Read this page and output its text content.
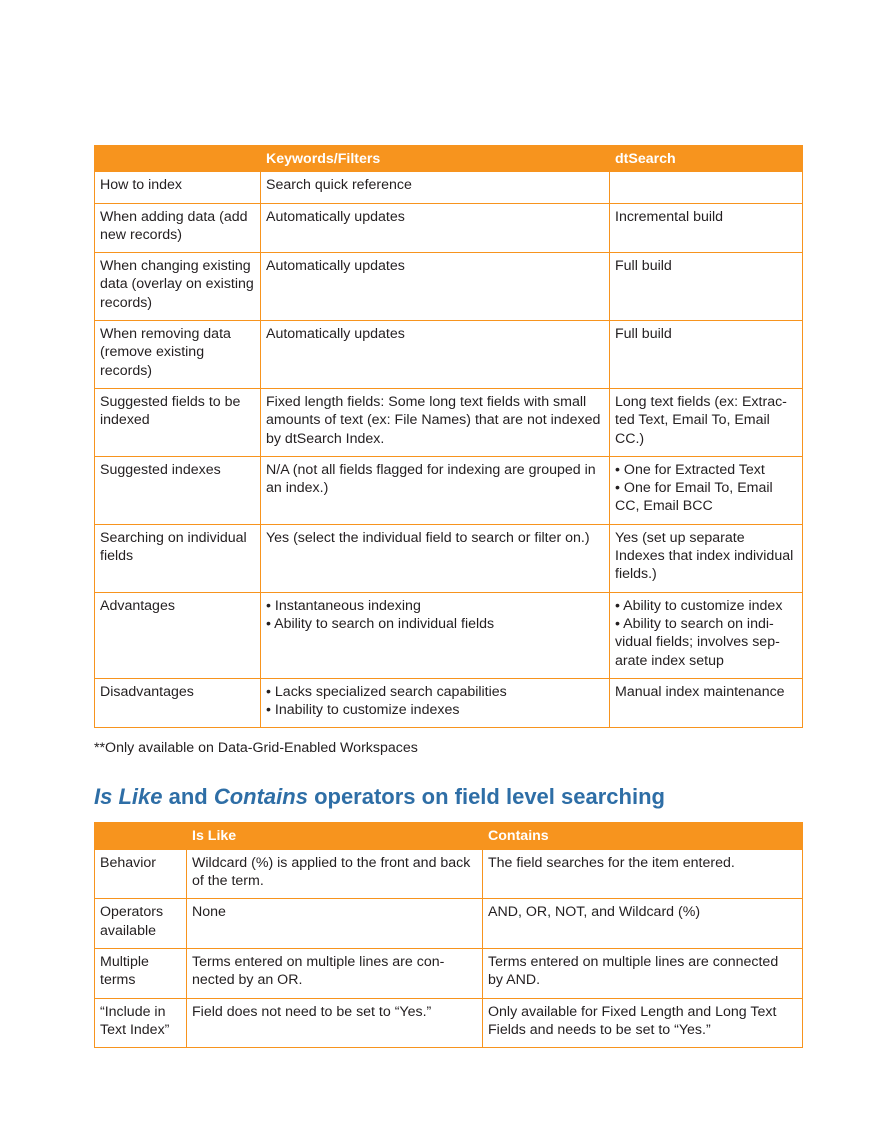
	Keywords/Filters	dtSearch
How to index	Search quick reference	

When adding data (add new records)	Automatically updates	Incremental build

When changing existing data (overlay on existing records)	Automatically updates	Full build

When removing data (remove existing records)	Automatically updates	Full build

Suggested fields to be indexed	Fixed length fields: Some long text fields with small amounts of text (ex: File Names) that are not indexed by dtSearch Index.	Long text fields (ex: Extrac-ted Text, Email To, Email CC.)

Suggested indexes	N/A (not all fields flagged for indexing are grouped in an index.)	• One for Extracted Text
• One for Email To, Email CC, Email BCC

Searching on individual fields	Yes (select the individual field to search or filter on.)	Yes (set up separate Indexes that index individual fields.)

Advantages	• Instantaneous indexing
• Ability to search on individual fields	• Ability to customize index
• Ability to search on indi-vidual fields; involves sep-arate index setup

Disadvantages	• Lacks specialized search capabilities
• Inability to customize indexes	Manual index maintenance
**Only available on Data-Grid-Enabled Workspaces
Is Like and Contains operators on field level searching
	Is Like	Contains
Behavior	Wildcard (%) is applied to the front and back of the term.	The field searches for the item entered.
Operators available	None	AND, OR, NOT, and Wildcard (%)
Multiple terms	Terms entered on multiple lines are con-nected by an OR.	Terms entered on multiple lines are connected by AND.
“Include in Text Index”	Field does not need to be set to “Yes.”	Only available for Fixed Length and Long Text Fields and needs to be set to “Yes.”
